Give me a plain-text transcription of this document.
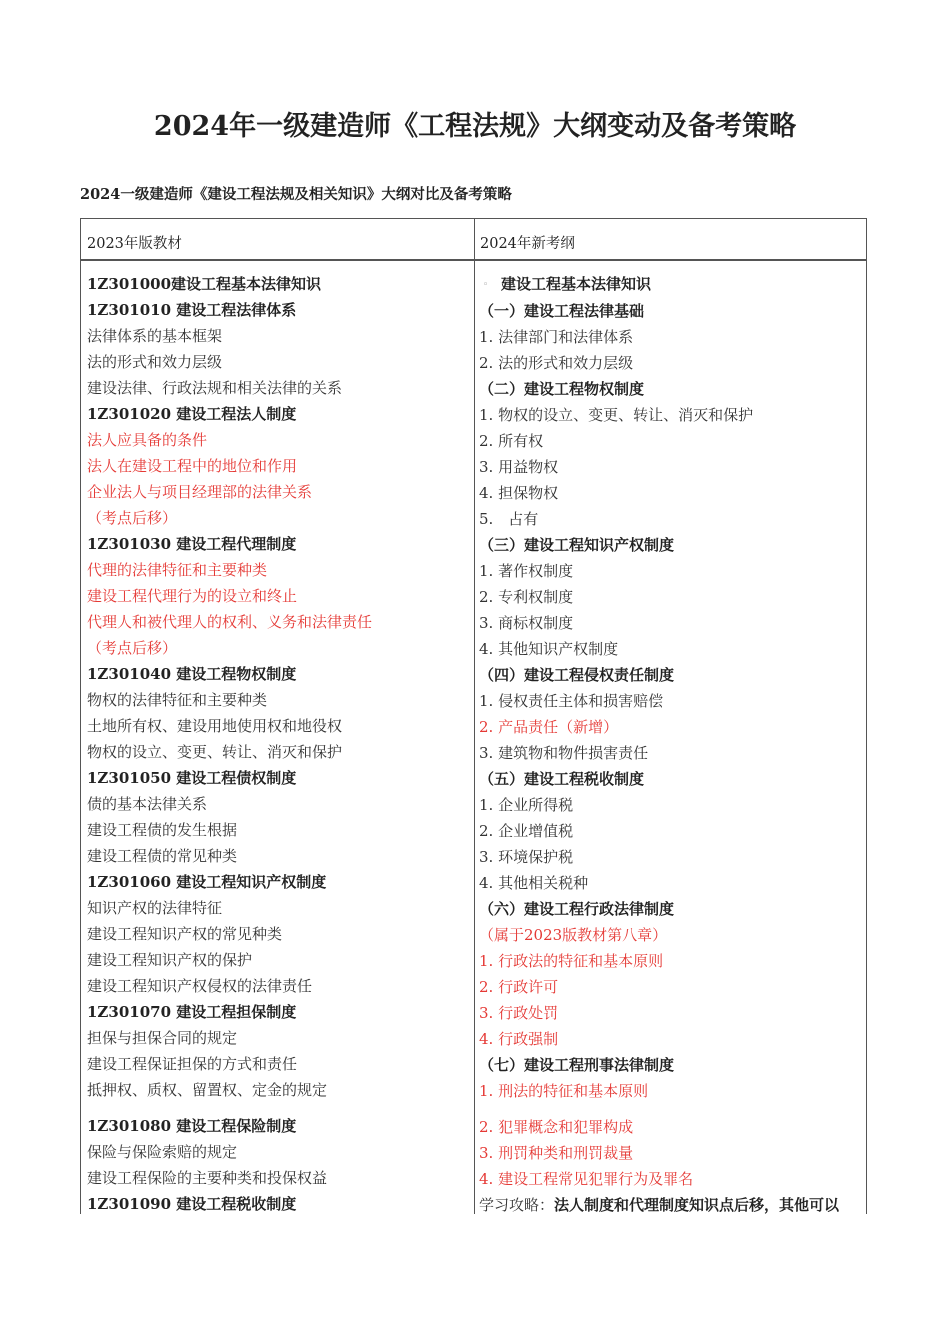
2024年一级建造师《工程法规》大纲变动及备考策略
2024一级建造师《建设工程法规及相关知识》大纲对比及备考策略
2023年版教材	2024年新考纲
1Z301000建设工程基本法律知识
1Z301010 建设工程法律体系
法律体系的基本框架
法的形式和效力层级
建设法律、行政法规和相关法律的关系
1Z301020 建设工程法人制度
法人应具备的条件
法人在建设工程中的地位和作用
企业法人与项目经理部的法律关系
（考点后移）
1Z301030 建设工程代理制度
代理的法律特征和主要种类
建设工程代理行为的设立和终止
代理人和被代理人的权利、义务和法律责任
（考点后移）
1Z301040 建设工程物权制度
物权的法律特征和主要种类
土地所有权、建设用地使用权和地役权
物权的设立、变更、转让、消灭和保护
1Z301050 建设工程债权制度
债的基本法律关系
建设工程债的发生根据
建设工程债的常见种类
1Z301060 建设工程知识产权制度
知识产权的法律特征
建设工程知识产权的常见种类
建设工程知识产权的保护
建设工程知识产权侵权的法律责任
1Z301070 建设工程担保制度
担保与担保合同的规定
建设工程保证担保的方式和责任
抵押权、质权、留置权、定金的规定
1Z301080 建设工程保险制度
保险与保险索赔的规定
建设工程保险的主要种类和投保权益
1Z301090 建设工程税收制度
◦ 建设工程基本法律知识
（一）建设工程法律基础
1. 法律部门和法律体系
2. 法的形式和效力层级
（二）建设工程物权制度
1. 物权的设立、变更、转让、消灭和保护
2. 所有权
3. 用益物权
4. 担保物权
5.　占有
（三）建设工程知识产权制度
1. 著作权制度
2. 专利权制度
3. 商标权制度
4. 其他知识产权制度
（四）建设工程侵权责任制度
1. 侵权责任主体和损害赔偿
2. 产品责任（新增）
3. 建筑物和物件损害责任
（五）建设工程税收制度
1. 企业所得税
2. 企业增值税
3. 环境保护税
4. 其他相关税种
（六）建设工程行政法律制度（属于2023版教材第八章）
1. 行政法的特征和基本原则
2. 行政许可
3. 行政处罚
4. 行政强制
（七）建设工程刑事法律制度
1. 刑法的特征和基本原则
2. 犯罪概念和犯罪构成
3. 刑罚种类和刑罚裁量
4. 建设工程常见犯罪行为及罪名
学习攻略：法人制度和代理制度知识点后移，其他可以
